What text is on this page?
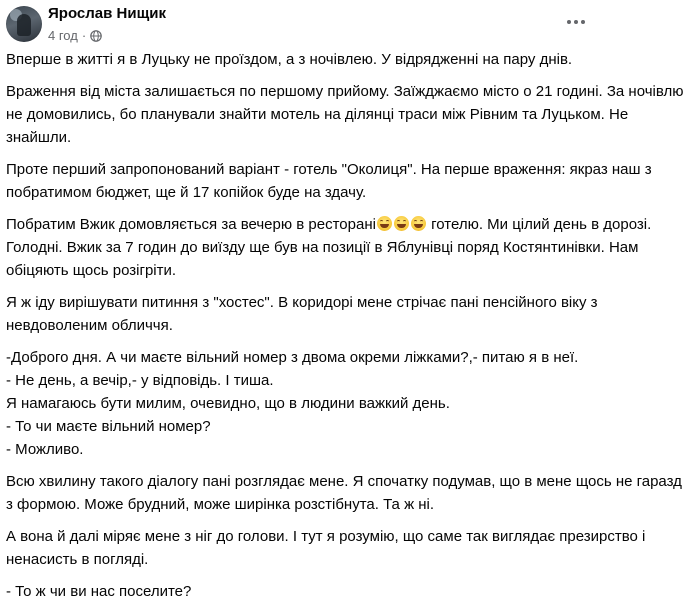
Ярослав Нищик
4 год ·

Вперше в житті я в Луцьку не проїздом, а з ночівлею. У відрядженні на пару днів.

Враження від міста залишається по першому прийому. Заїжджаємо місто о 21 годині. За ночівлю
не домовились, бо планували знайти мотель на ділянці траси між Рівним та Луцьком. Не
знайшли.

Проте перший запропонований варіант - готель "Околиця". На перше враження: якраз наш з
побратимом бюджет, ще й 17 копійок буде на здачу.

Побратим Вжик домовляється за вечерю в ресторані	готелю. Ми цілий день в дорозі.
Голодні. Вжик за 7 годин до виїзду ще був на позиції в Яблунівці поряд Костянтинівки. Нам
обіцяють щось розігріти.

Я ж іду вирішувати питиння з "хостес". В коридорі мене стрічає пані пенсійного віку з
невдоволеним обличчя.

-Доброго дня. А чи маєте вільний номер з двома окреми ліжками?,- питаю я в неї.
- Не день, а вечір,- у відповідь. І тиша.
Я намагаюсь бути милим, очевидно, що в людини важкий день.
- То чи маєте вільний номер?
- Можливо.

Всю хвилину такого діалогу пані розглядає мене. Я спочатку подумав, що в мене щось не гаразд
з формою. Може брудний, може ширінка розстібнута. Та ж ні.

А вона й далі міряє мене з ніг до голови. І тут я розумію, що саме так виглядає презирство і
ненасисть в погляді.

- То ж чи ви нас поселите?
